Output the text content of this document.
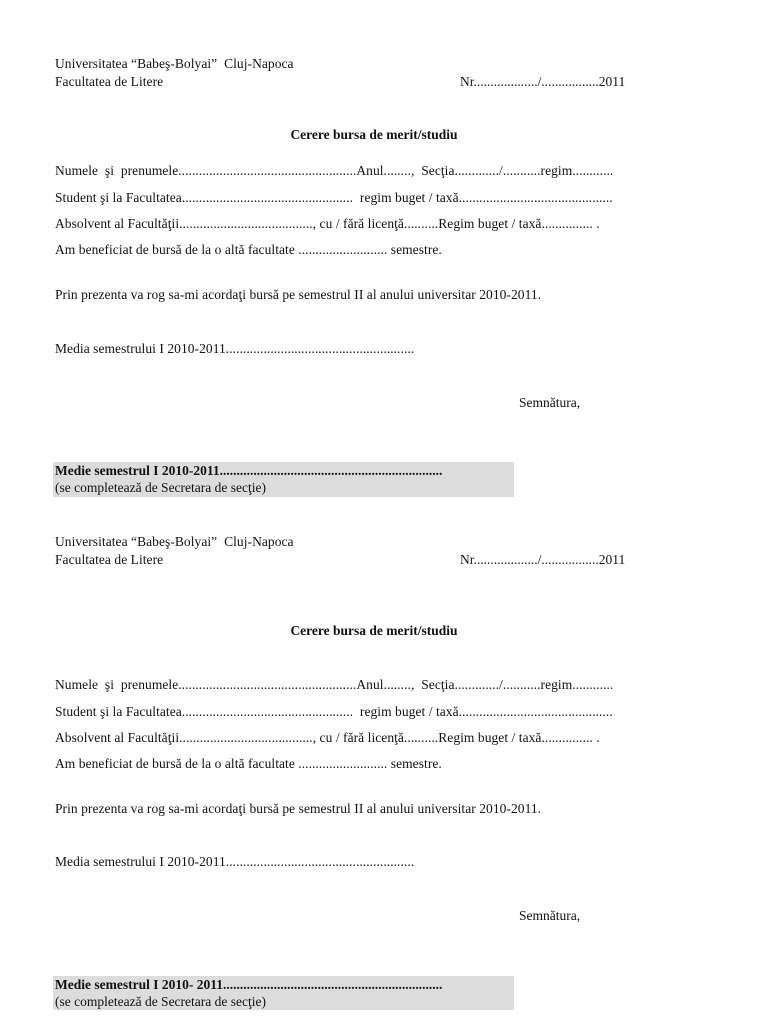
Universitatea “Babeş-Bolyai”  Cluj-Napoca
Facultatea de Litere	Nr.................../.................2011
Cerere bursa de merit/studiu
Numele  şi  prenumele....................................................Anul........,  Secţia............./...........regim............
Student şi la Facultatea..................................................  regim buget / taxă.............................................
Absolvent al Facultăţii......................................., cu / fără licenţă..........Regim buget / taxă............... .
Am beneficiat de bursă de la o altă facultate .......................... semestre.
Prin prezenta va rog sa-mi acordaţi bursă pe semestrul II al anului universitar 2010-2011.
Media semestrului I 2010-2011.......................................................
Semnătura,
Medie semestrul I 2010-2011..................................................................
(se completează de Secretara de secţie)
Universitatea “Babeş-Bolyai”  Cluj-Napoca
Facultatea de Litere	Nr.................../.................2011
Cerere bursa de merit/studiu
Numele  şi  prenumele....................................................Anul........,  Secţia............./...........regim............
Student şi la Facultatea..................................................  regim buget / taxă.............................................
Absolvent al Facultăţii......................................., cu / fără licenţă..........Regim buget / taxă............... .
Am beneficiat de bursă de la o altă facultate .......................... semestre.
Prin prezenta va rog sa-mi acordaţi bursă pe semestrul II al anului universitar 2010-2011.
Media semestrului I 2010-2011.......................................................
Semnătura,
Medie semestrul I 2010- 2011.................................................................
(se completează de Secretara de secţie)
